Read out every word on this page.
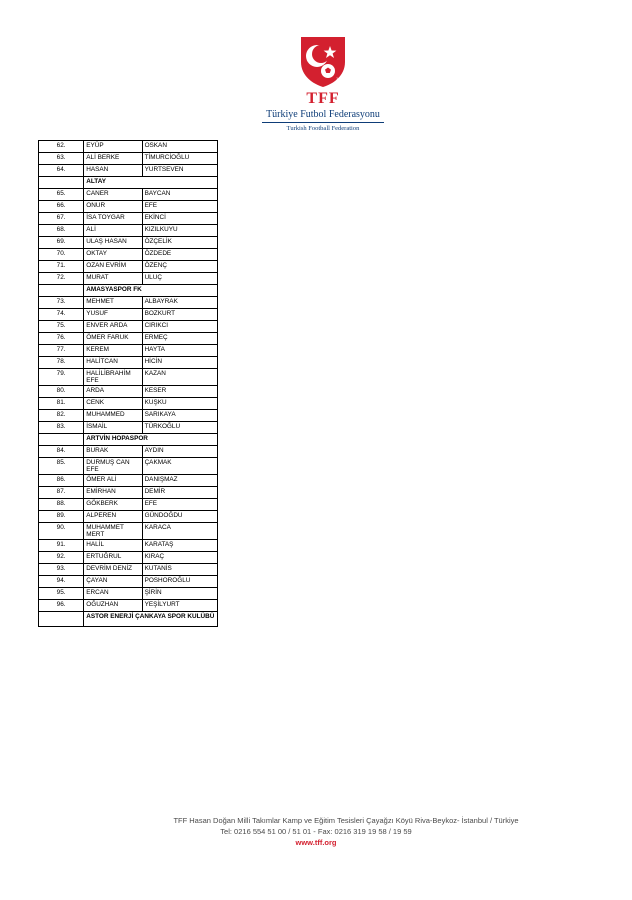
1923
TFF
Türkiye Futbol Federasyonu
Turkish Football Federation
62.	EYÜP	OSKAN
63.	ALİ BERKE	TİMURCİOĞLU
64.	HASAN	YURTSEVEN
	ALTAY	
65.	CANER	BAYCAN
66.	ONUR	EFE
67.	İSA TOYGAR	EKİNCİ
68.	ALİ	KIZILKUYU
69.	ULAŞ HASAN	ÖZÇELİK
70.	OKTAY	ÖZDEDE
71.	OZAN EVRİM	ÖZENÇ
72.	MURAT	ULUÇ
	AMASYASPOR FK	
73.	MEHMET	ALBAYRAK
74.	YUSUF	BOZKURT
75.	ENVER ARDA	CIRIKCI
76.	ÖMER FARUK	ERMEÇ
77.	KEREM	HAYTA
78.	HALİTCAN	HİCİN
79.	HALİLİBRAHİM EFE	KAZAN
80.	ARDA	KESER
81.	CENK	KUŞKU
82.	MUHAMMED	SARIKAYA
83.	İSMAİL	TÜRKOĞLU
	ARTVİN HOPASPOR	
84.	BURAK	AYDIN
85.	DURMUŞ CAN EFE	ÇAKMAK
86.	ÖMER ALİ	DANIŞMAZ
87.	EMİRHAN	DEMİR
88.	GÖKBERK	EFE
89.	ALPEREN	GÜNDOĞDU
90.	MUHAMMET MERT	KARACA
91.	HALİL	KARATAŞ
92.	ERTUĞRUL	KIRAÇ
93.	DEVRİM DENİZ	KUTANİS
94.	ÇAYAN	POSHOROĞLU
95.	ERCAN	ŞİRİN
96.	OĞUZHAN	YEŞİLYURT
	ASTOR ENERJİ ÇANKAYA SPOR KULÜBÜ	
TFF Hasan Doğan Milli Takımlar Kamp ve Eğitim Tesisleri Çayağzı Köyü Riva-Beykoz- İstanbul / Türkiye
Tel: 0216 554 51 00 / 51 01 - Fax: 0216 319 19 58 / 19 59
www.tff.org
